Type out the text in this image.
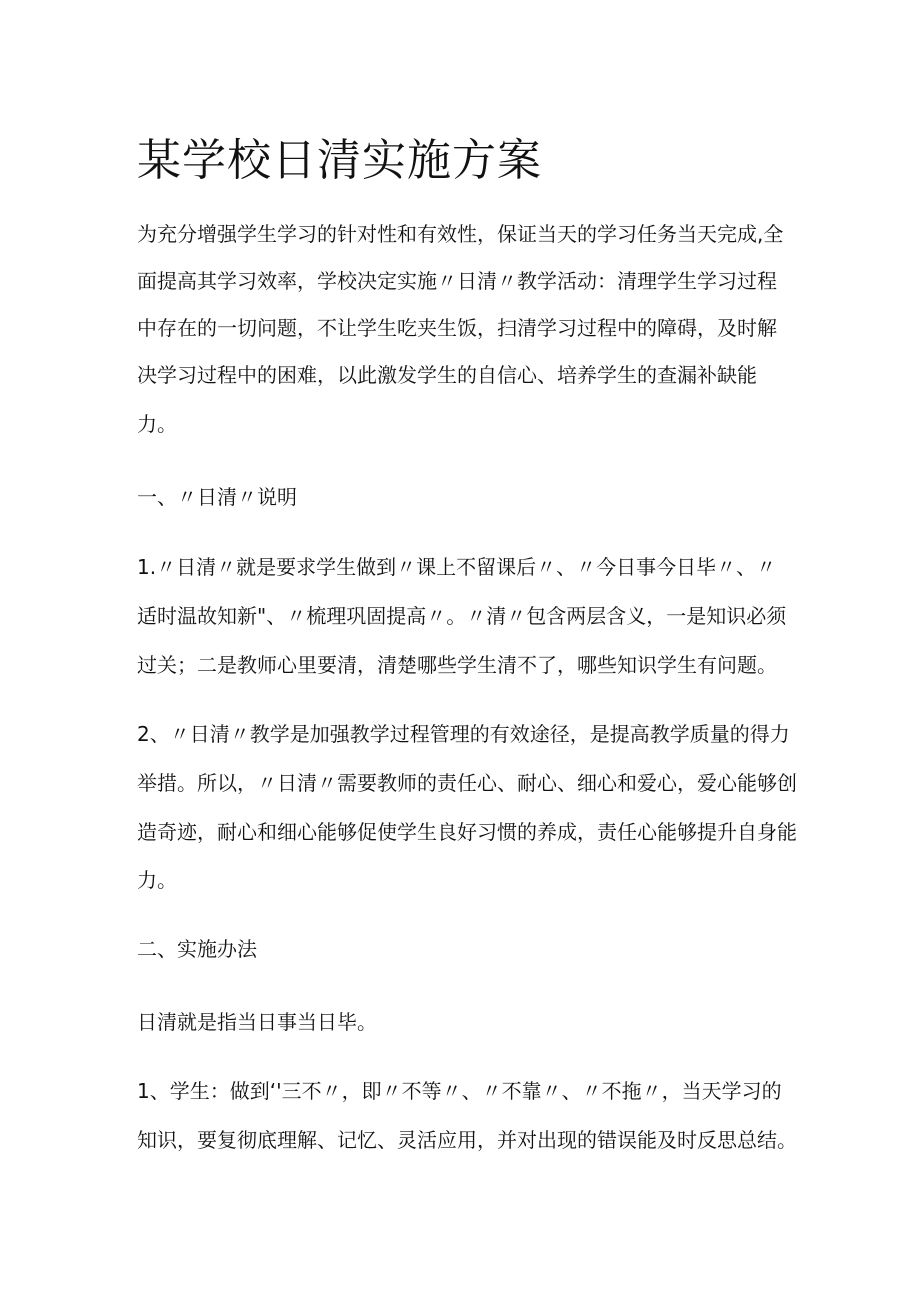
某学校日清实施方案

为充分增强学生学习的针对性和有效性，保证当天的学习任务当天完成,全

面提高其学习效率，学校决定实施〃日清〃教学活动：清理学生学习过程

中存在的一切问题，不让学生吃夹生饭，扫清学习过程中的障碍，及时解

决学习过程中的困难，以此激发学生的自信心、培养学生的查漏补缺能

力。

一、〃日清〃说明

1.〃日清〃就是要求学生做到〃课上不留课后〃、〃今日事今日毕〃、〃

适时温故知新"、〃梳理巩固提高〃。〃清〃包含两层含义，一是知识必须

过关；二是教师心里要清，清楚哪些学生清不了，哪些知识学生有问题。

2、〃日清〃教学是加强教学过程管理的有效途径，是提高教学质量的得力

举措。所以，〃日清〃需要教师的责任心、耐心、细心和爱心，爱心能够创

造奇迹，耐心和细心能够促使学生良好习惯的养成，责任心能够提升自身能

力。

二、实施办法

日清就是指当日事当日毕。

1、学生：做到‘'三不〃，即〃不等〃、〃不靠〃、〃不拖〃，当天学习的

知识，要复彻底理解、记忆、灵活应用，并对出现的错误能及时反思总结。
